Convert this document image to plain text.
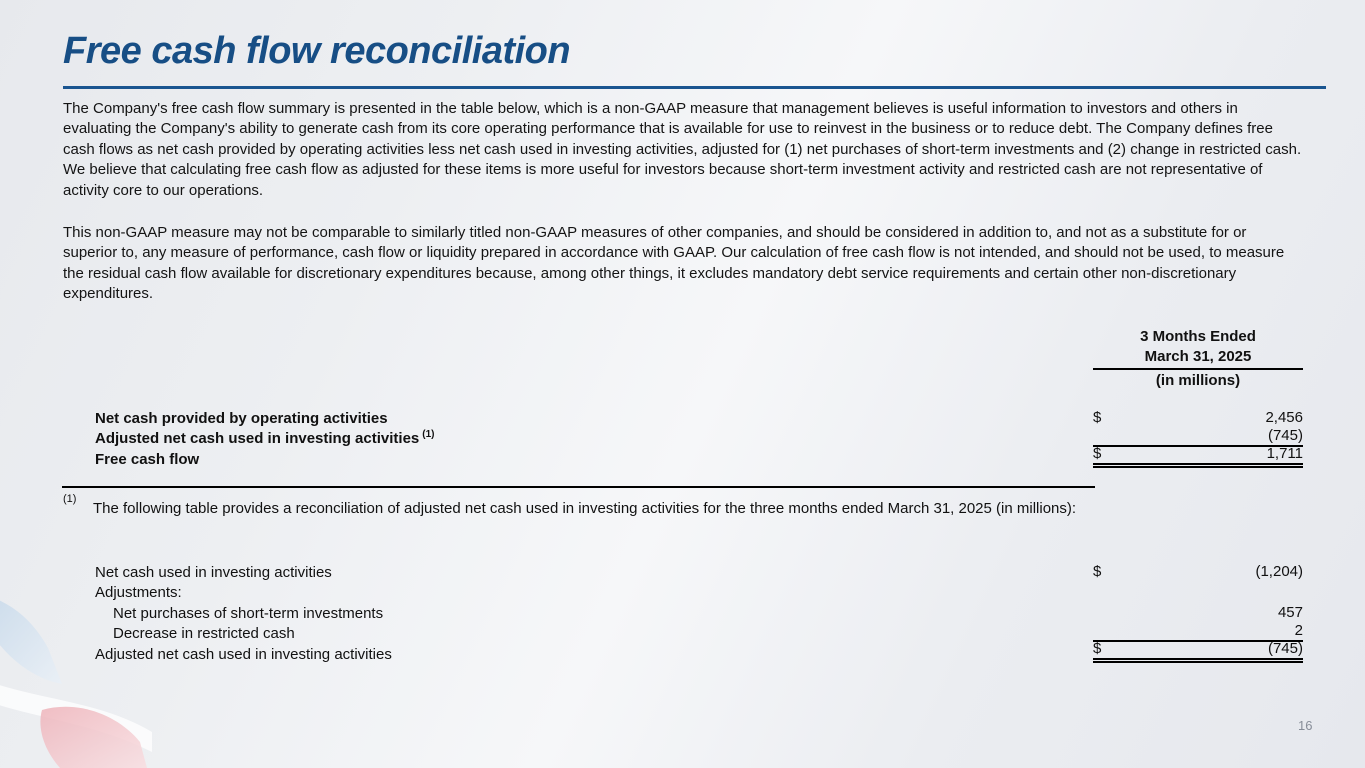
Free cash flow reconciliation
The Company's free cash flow summary is presented in the table below, which is a non-GAAP measure that management believes is useful information to investors and others in evaluating the Company's ability to generate cash from its core operating performance that is available for use to reinvest in the business or to reduce debt. The Company defines free cash flows as net cash provided by operating activities less net cash used in investing activities, adjusted for (1) net purchases of short-term investments and (2) change in restricted cash. We believe that calculating free cash flow as adjusted for these items is more useful for investors because short-term investment activity and restricted cash are not representative of activity core to our operations.
This non-GAAP measure may not be comparable to similarly titled non-GAAP measures of other companies, and should be considered in addition to, and not as a substitute for or superior to, any measure of performance, cash flow or liquidity prepared in accordance with GAAP. Our calculation of free cash flow is not intended, and should not be used, to measure the residual cash flow available for discretionary expenditures because, among other things, it excludes mandatory debt service requirements and certain other non-discretionary expenditures.
3 Months Ended
March 31, 2025
(in millions)
Net cash provided by operating activities	$	2,456
Adjusted net cash used in investing activities $^{(1)}$	(745)
Free cash flow	$	1,711
(1)
The following table provides a reconciliation of adjusted net cash used in investing activities for the three months ended March 31, 2025 (in millions):
Net cash used in investing activities	$	(1,204)
Adjustments:
Net purchases of short-term investments	457
Decrease in restricted cash	2
Adjusted net cash used in investing activities	$	(745)
16
